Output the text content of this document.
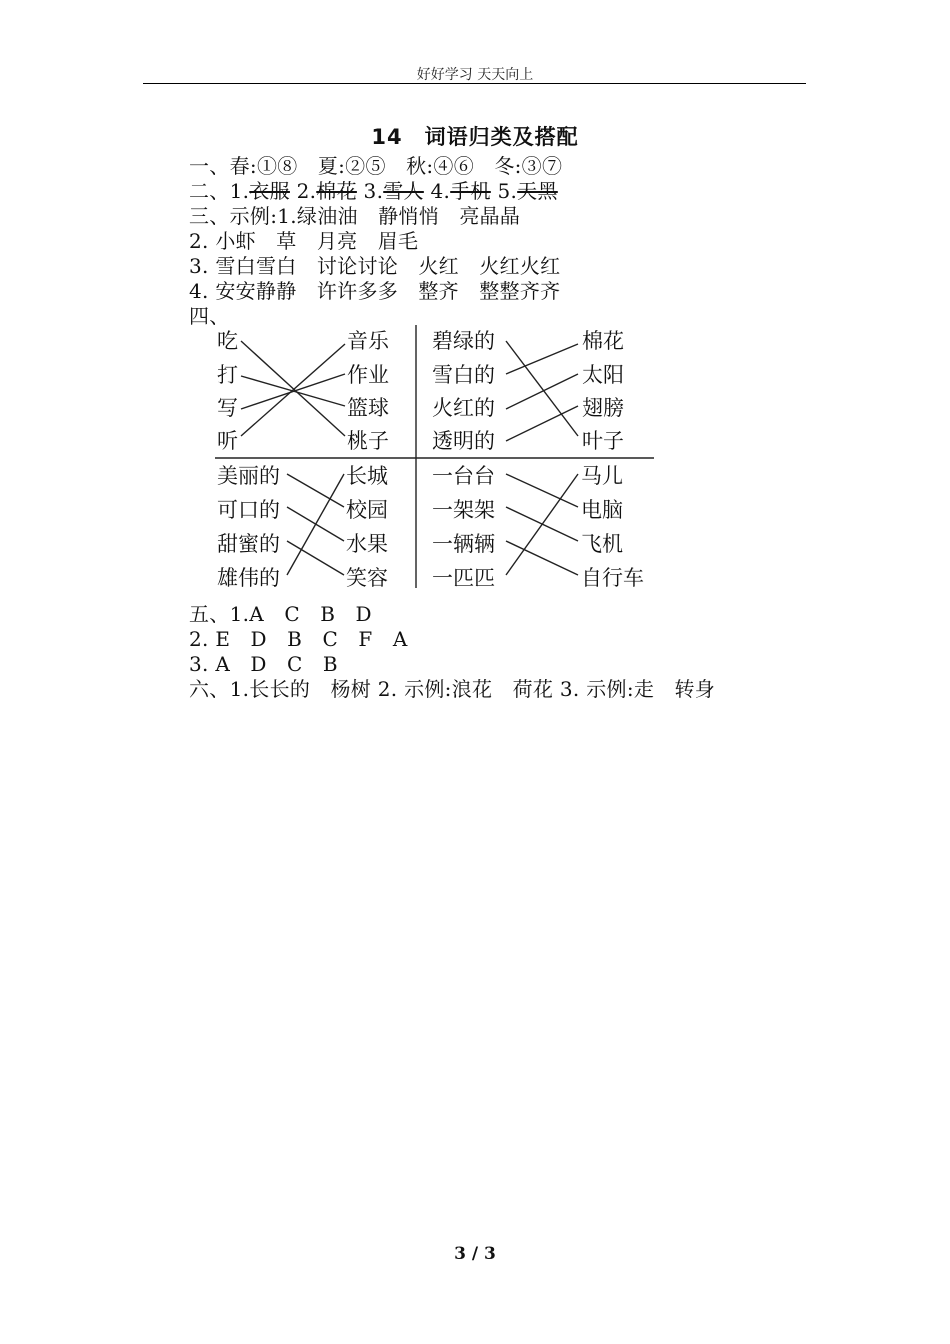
好好学习 天天向上
14　词语归类及搭配
一、春:①⑧　夏:②⑤　秋:④⑥　冬:③⑦
二、1.衣服 2.棉花 3.雪人 4.手机 5.天黑
三、示例:1.绿油油　静悄悄　亮晶晶
2. 小虾　草　月亮　眉毛
3. 雪白雪白　讨论讨论　火红　火红火红
4. 安安静静　许许多多　整齐　整整齐齐
四、
吃
打
写
听
音乐
作业
篮球
桃子
碧绿的
雪白的
火红的
透明的
棉花
太阳
翅膀
叶子
美丽的
可口的
甜蜜的
雄伟的
长城
校园
水果
笑容
一台台
一架架
一辆辆
一匹匹
马儿
电脑
飞机
自行车
五、1.A　C　B　D
2. E　D　B　C　F　A
3. A　D　C　B
六、1.长长的　杨树 2. 示例:浪花　荷花 3. 示例:走　转身
3 / 3
